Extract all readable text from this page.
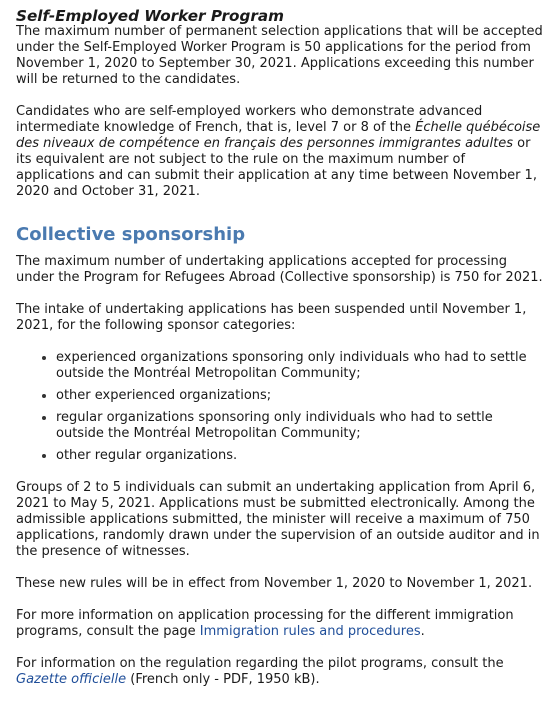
Self-Employed Worker Program

The maximum number of permanent selection applications that will be accepted under the Self-Employed Worker Program is 50 applications for the period from November 1, 2020 to September 30, 2021. Applications exceeding this number will be returned to the candidates.

Candidates who are self-employed workers who demonstrate advanced intermediate knowledge of French, that is, level 7 or 8 of the Échelle québécoise des niveaux de compétence en français des personnes immigrantes adultes or its equivalent are not subject to the rule on the maximum number of applications and can submit their application at any time between November 1, 2020 and October 31, 2021.

Collective sponsorship

The maximum number of undertaking applications accepted for processing under the Program for Refugees Abroad (Collective sponsorship) is 750 for 2021.

The intake of undertaking applications has been suspended until November 1, 2021, for the following sponsor categories:

experienced organizations sponsoring only individuals who had to settle outside the Montréal Metropolitan Community;
other experienced organizations;
regular organizations sponsoring only individuals who had to settle outside the Montréal Metropolitan Community;
other regular organizations.

Groups of 2 to 5 individuals can submit an undertaking application from April 6, 2021 to May 5, 2021. Applications must be submitted electronically. Among the admissible applications submitted, the minister will receive a maximum of 750 applications, randomly drawn under the supervision of an outside auditor and in the presence of witnesses.

These new rules will be in effect from November 1, 2020 to November 1, 2021.

For more information on application processing for the different immigration programs, consult the page Immigration rules and procedures.

For information on the regulation regarding the pilot programs, consult the Gazette officielle (French only - PDF, 1950 kB).
